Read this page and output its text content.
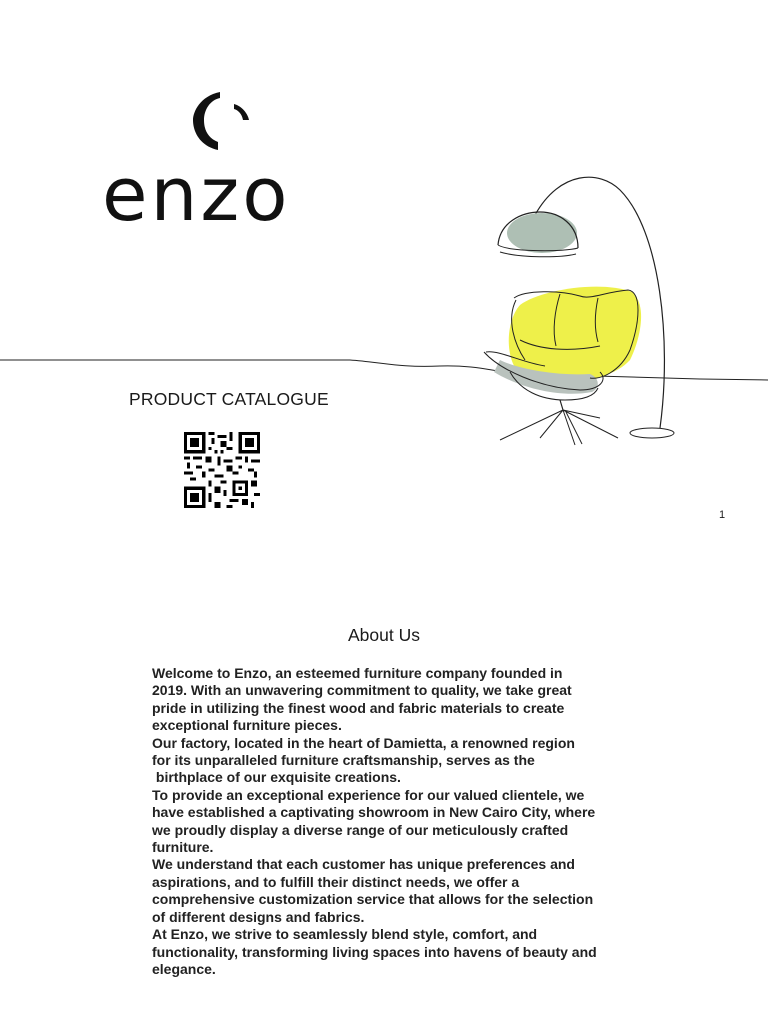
enzo
PRODUCT CATALOGUE
1
About Us

Welcome to Enzo, an esteemed furniture company founded in

2019. With an unwavering commitment to quality, we take great

pride in utilizing the finest wood and fabric materials to create

exceptional furniture pieces.

Our factory, located in the heart of Damietta, a renowned region

for its unparalleled furniture craftsmanship, serves as the

birthplace of our exquisite creations.

To provide an exceptional experience for our valued clientele, we

have established a captivating showroom in New Cairo City, where

we proudly display a diverse range of our meticulously crafted

furniture.

We understand that each customer has unique preferences and

aspirations, and to fulfill their distinct needs, we offer a

comprehensive customization service that allows for the selection

of different designs and fabrics.

At Enzo, we strive to seamlessly blend style, comfort, and

functionality, transforming living spaces into havens of beauty and

elegance.
